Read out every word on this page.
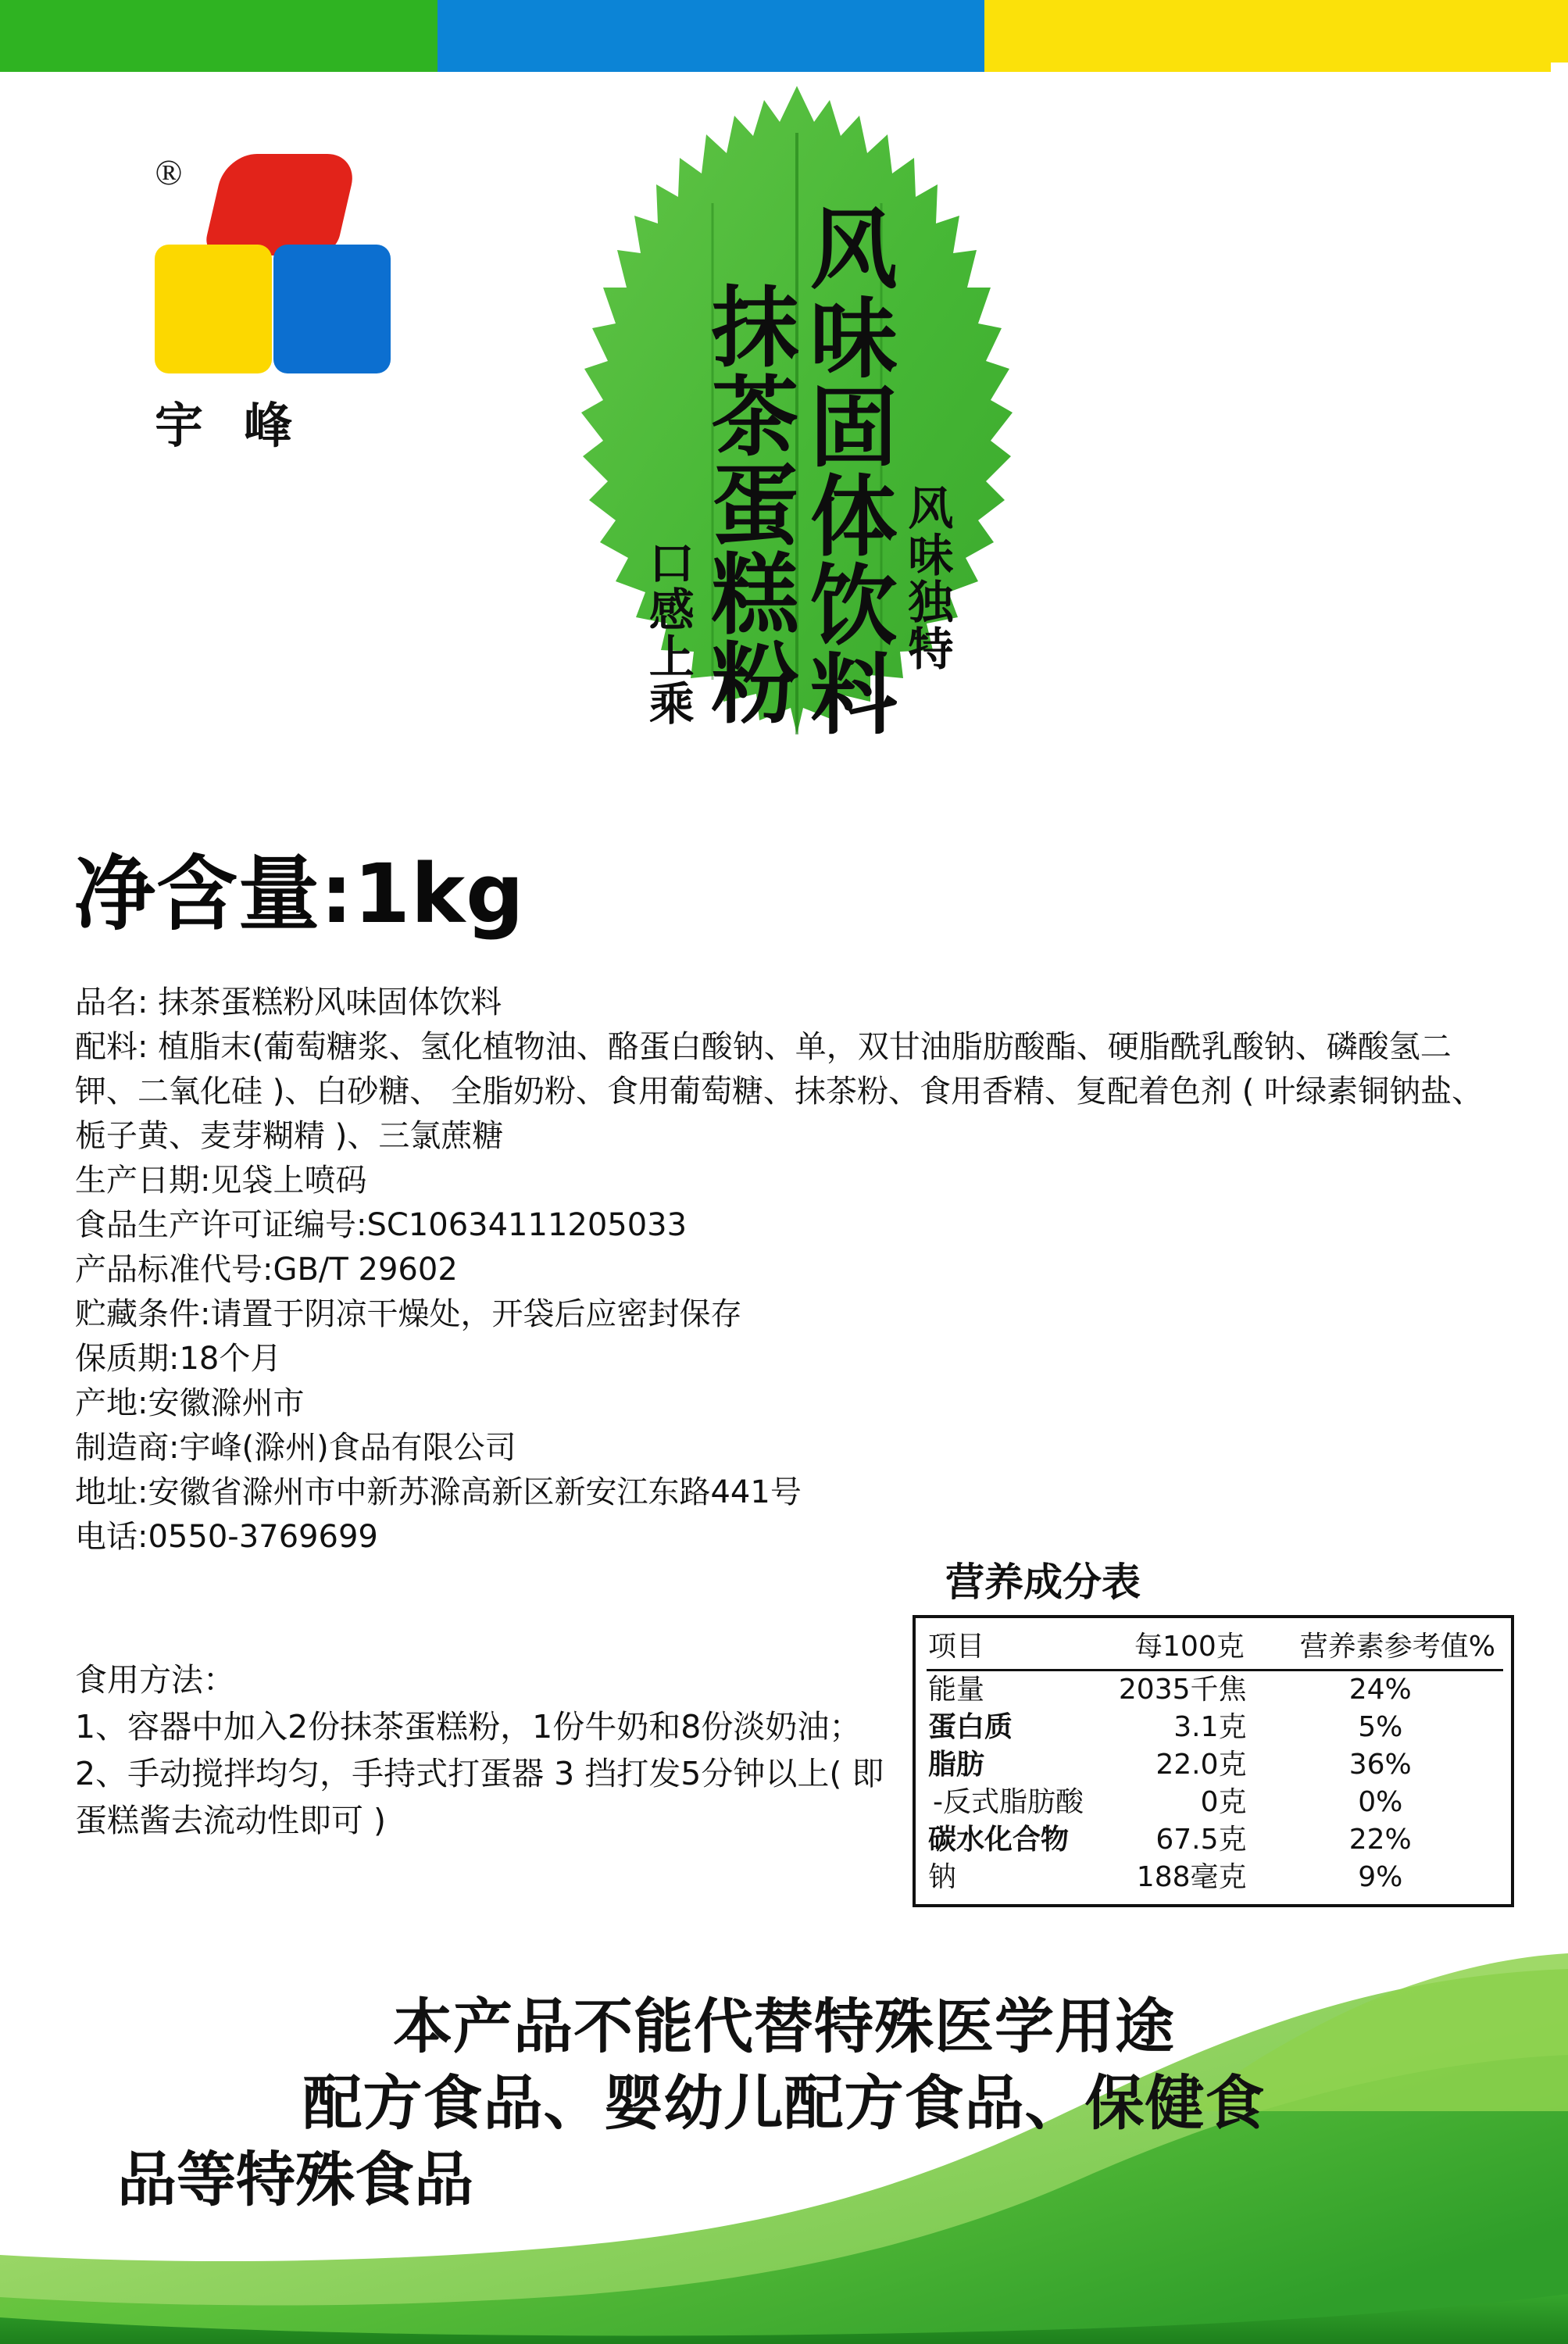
®
宇峰
风味独特
风味固体饮料
抹茶蛋糕粉
口感上乘
净含量:1kg
品名: 抹茶蛋糕粉风味固体饮料
配料: 植脂末(葡萄糖浆、氢化植物油、酪蛋白酸钠、单，双甘油脂肪酸酯、硬脂酰乳酸钠、磷酸氢二钾、二氧化硅 )、白砂糖、 全脂奶粉、食用葡萄糖、抹茶粉、食用香精、复配着色剂 ( 叶绿素铜钠盐、栀子黄、麦芽糊精 )、三氯蔗糖
生产日期:见袋上喷码
食品生产许可证编号:SC10634111205033
产品标准代号:GB/T 29602
贮藏条件:请置于阴凉干燥处，开袋后应密封保存
保质期:18个月
产地:安徽滁州市
制造商:宇峰(滁州)食品有限公司
地址:安徽省滁州市中新苏滁高新区新安江东路441号
电话:0550-3769699
食用方法：
1、容器中加入2份抹茶蛋糕粉，1份牛奶和8份淡奶油；
2、手动搅拌均匀，手持式打蛋器 3 挡打发5分钟以上( 即蛋糕酱去流动性即可 )
营养成分表
项目	每100克	营养素参考值%
能量	2035千焦	24%
蛋白质	3.1克	5%
脂肪	22.0克	36%
-反式脂肪酸	0克	0%
碳水化合物	67.5克	22%
钠	188毫克	9%
本产品不能代替特殊医学用途
配方食品、婴幼儿配方食品、保健食
品等特殊食品
